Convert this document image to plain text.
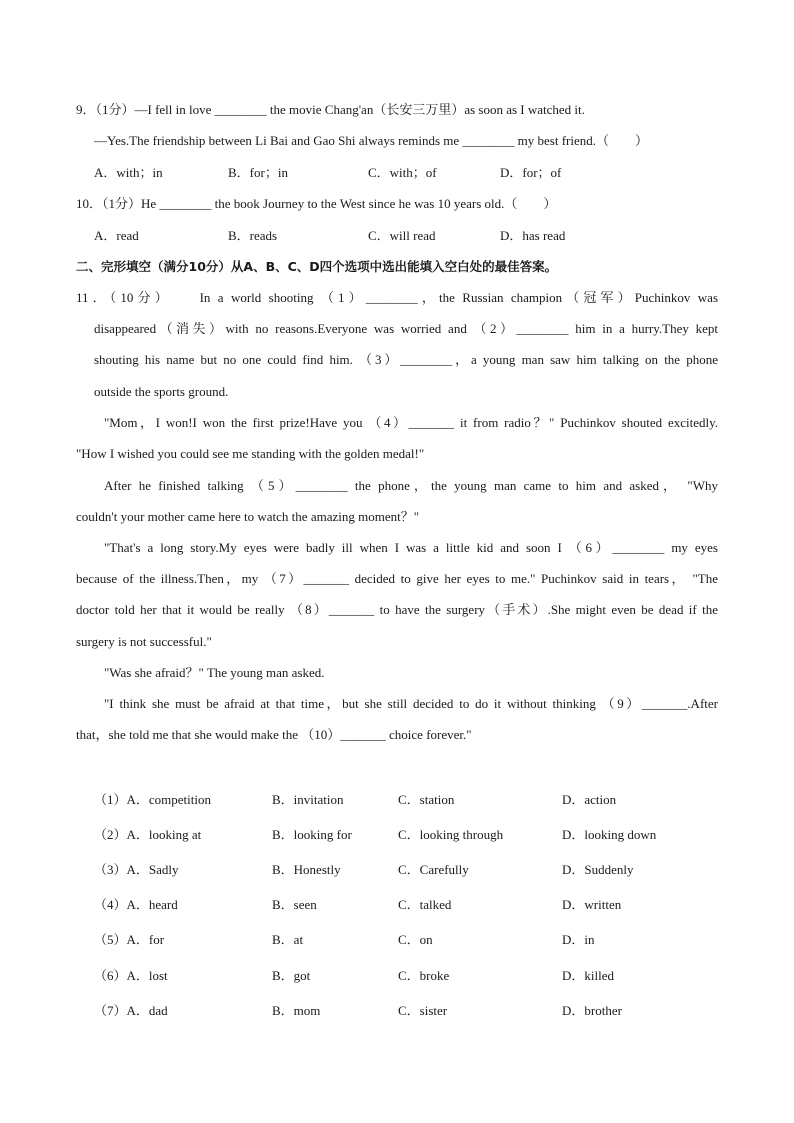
9．（1分）—I fell in love ________ the movie Chang'an（长安三万里）as soon as I watched it.
—Yes.The friendship between Li Bai and Gao Shi always reminds me ________ my best friend.（　　）
A．with；in	B．for；in	C．with；of	D．for；of
10．（1分）He ________ the book Journey to the West since he was 10 years old.（　　）
A．read	B．reads	C．will read	D．has read
二、完形填空（满分10分）从A、B、C、D四个选项中选出能填入空白处的最佳答案。
11．（10分）　　In a world shooting （1）________，the Russian champion（冠军）Puchinkov was
disappeared（消失）with no reasons.Everyone was worried and （2）________ him in a hurry.They kept
shouting his name but no one could find him. （3）________，a young man saw him talking on the phone
outside the sports ground.
"Mom，I won!I won the first prize!Have you （4）_______ it from radio？" Puchinkov shouted excitedly.
"How I wished you could see me standing with the golden medal!"
After he finished talking （5）________ the phone，the young man came to him and asked， "Why
couldn't your mother came here to watch the amazing moment？"
"That's a long story.My eyes were badly ill when I was a little kid and soon I （6）________ my eyes
because of the illness.Then，my （7）_______ decided to give her eyes to me." Puchinkov said in tears， "The
doctor told her that it would be really （8）_______ to have the surgery（手术）.She might even be dead if the
surgery is not successful."
"Was she afraid？" The young man asked.
"I think she must be afraid at that time，but she still decided to do it without thinking （9）_______.After
that，she told me that she would make the （10）_______ choice forever."
（1）A．competition	B．invitation	C．station	D．action
（2）A．looking at	B．looking for	C．looking through	D．looking down
（3）A．Sadly	B．Honestly	C．Carefully	D．Suddenly
（4）A．heard	B．seen	C．talked	D．written
（5）A．for	B．at	C．on	D．in
（6）A．lost	B．got	C．broke	D．killed
（7）A．dad	B．mom	C．sister	D．brother
